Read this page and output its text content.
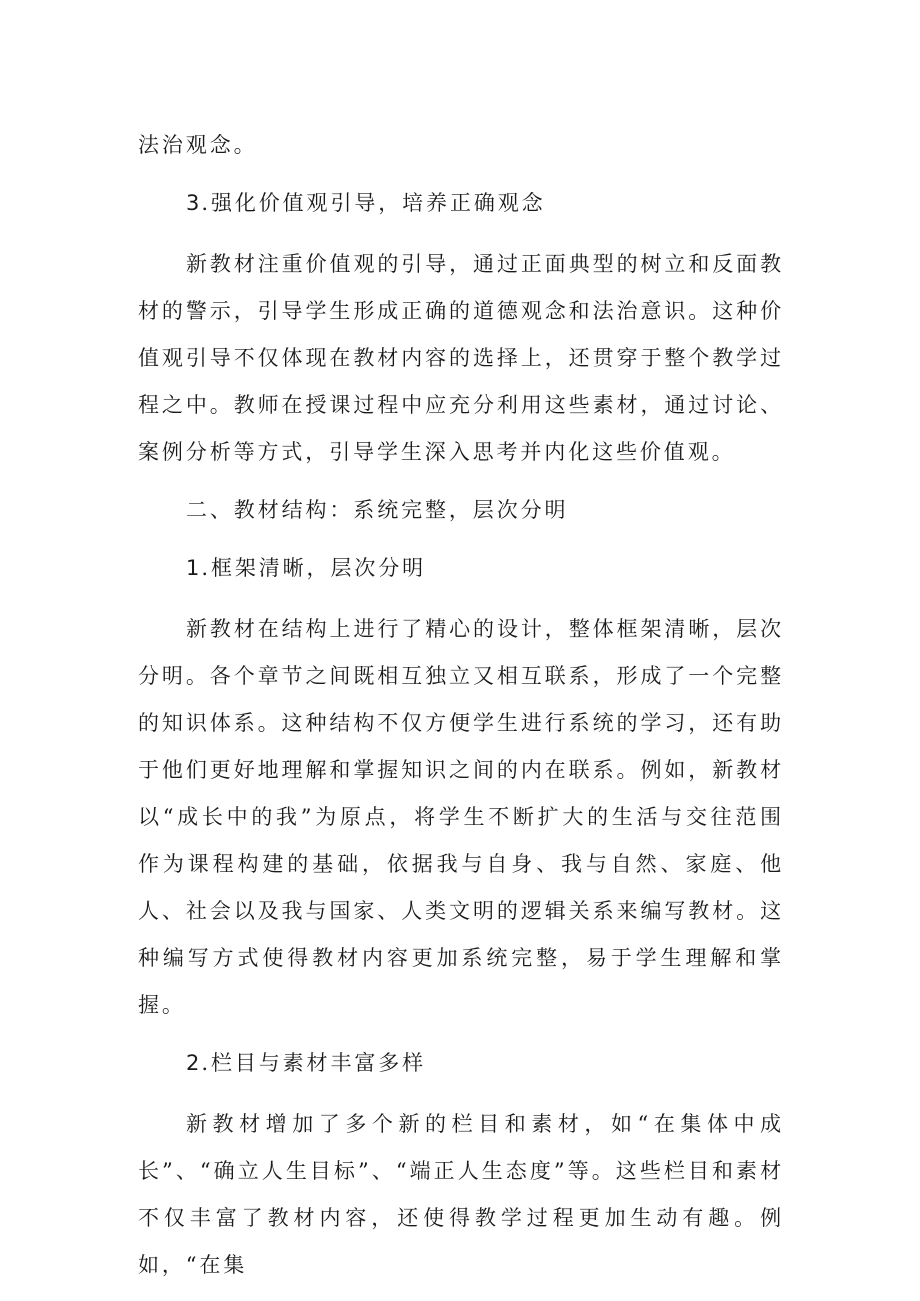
法治观念。

3.强化价值观引导，培养正确观念

新教材注重价值观的引导，通过正面典型的树立和反面教材的警示，引导学生形成正确的道德观念和法治意识。这种价值观引导不仅体现在教材内容的选择上，还贯穿于整个教学过程之中。教师在授课过程中应充分利用这些素材，通过讨论、案例分析等方式，引导学生深入思考并内化这些价值观。

二、教材结构：系统完整，层次分明

1.框架清晰，层次分明

新教材在结构上进行了精心的设计，整体框架清晰，层次分明。各个章节之间既相互独立又相互联系，形成了一个完整的知识体系。这种结构不仅方便学生进行系统的学习，还有助于他们更好地理解和掌握知识之间的内在联系。例如，新教材以“成长中的我”为原点，将学生不断扩大的生活与交往范围作为课程构建的基础，依据我与自身、我与自然、家庭、他人、社会以及我与国家、人类文明的逻辑关系来编写教材。这种编写方式使得教材内容更加系统完整，易于学生理解和掌握。

2.栏目与素材丰富多样

新教材增加了多个新的栏目和素材，如“在集体中成长”、“确立人生目标”、“端正人生态度”等。这些栏目和素材不仅丰富了教材内容，还使得教学过程更加生动有趣。例如，“在集
